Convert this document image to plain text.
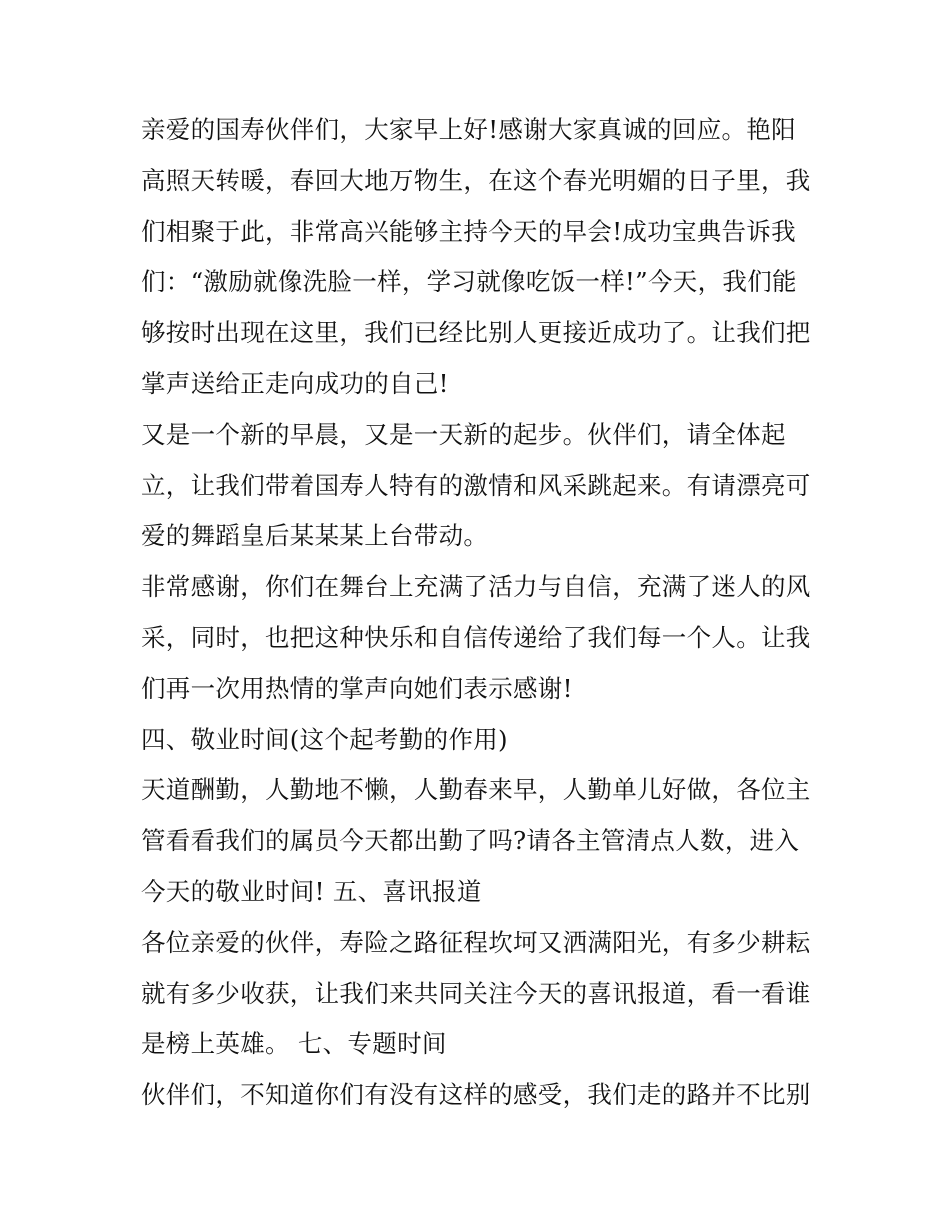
亲爱的国寿伙伴们，大家早上好!感谢大家真诚的回应。艳阳
高照天转暖，春回大地万物生，在这个春光明媚的日子里，我
们相聚于此，非常高兴能够主持今天的早会!成功宝典告诉我
们：“激励就像洗脸一样，学习就像吃饭一样!”今天，我们能
够按时出现在这里，我们已经比别人更接近成功了。让我们把
掌声送给正走向成功的自己!
又是一个新的早晨，又是一天新的起步。伙伴们，请全体起
立，让我们带着国寿人特有的激情和风采跳起来。有请漂亮可
爱的舞蹈皇后某某某上台带动。
非常感谢，你们在舞台上充满了活力与自信，充满了迷人的风
采，同时，也把这种快乐和自信传递给了我们每一个人。让我
们再一次用热情的掌声向她们表示感谢!
四、敬业时间(这个起考勤的作用)
天道酬勤，人勤地不懒，人勤春来早，人勤单儿好做，各位主
管看看我们的属员今天都出勤了吗?请各主管清点人数，进入
今天的敬业时间! 五、喜讯报道
各位亲爱的伙伴，寿险之路征程坎坷又洒满阳光，有多少耕耘
就有多少收获，让我们来共同关注今天的喜讯报道，看一看谁
是榜上英雄。 七、专题时间
伙伴们，不知道你们有没有这样的感受，我们走的路并不比别
